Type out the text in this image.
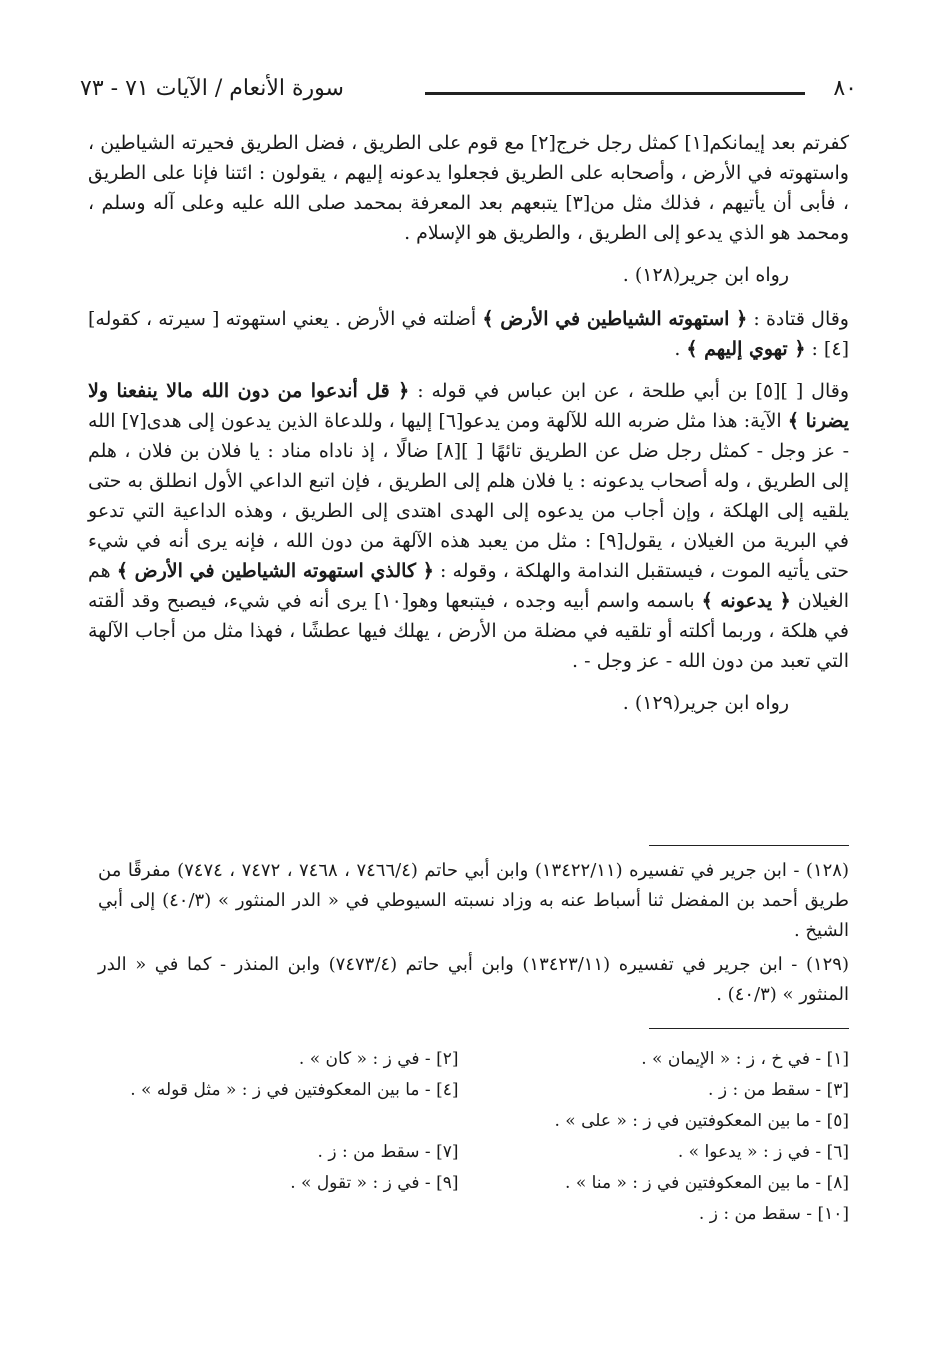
٨٠
سورة الأنعام / الآيات ٧١ - ٧٣

كفرتم بعد إيمانكم[١] كمثل رجل خرج[٢] مع قوم على الطريق ، فضل الطريق فحيرته الشياطين ، واستهوته في الأرض ، وأصحابه على الطريق فجعلوا يدعونه إليهم ، يقولون : ائتنا فإنا على الطريق ، فأبى أن يأتيهم ، فذلك مثل من[٣] يتبعهم بعد المعرفة بمحمد صلى الله عليه وعلى آله وسلم ، ومحمد هو الذي يدعو إلى الطريق ، والطريق هو الإسلام .

رواه ابن جرير(١٢٨) .

وقال قتادة : ﴿ استهوته الشياطين في الأرض ﴾ أضلته في الأرض . يعني استهوته [ سيرته ، كقوله][٤] : ﴿ تهوي إليهم ﴾ .

وقال [ ][٥] بن أبي طلحة ، عن ابن عباس في قوله : ﴿ قل أندعوا من دون الله مالا ينفعنا ولا يضرنا ﴾ الآية: هذا مثل ضربه الله للآلهة ومن يدعو[٦] إليها ، وللدعاة الذين يدعون إلى هدى[٧] الله - عز وجل - كمثل رجل ضل عن الطريق تائهًا [ ][٨] ضالًا ، إذ ناداه مناد : يا فلان بن فلان ، هلم إلى الطريق ، وله أصحاب يدعونه : يا فلان هلم إلى الطريق ، فإن اتبع الداعي الأول انطلق به حتى يلقيه إلى الهلكة ، وإن أجاب من يدعوه إلى الهدى اهتدى إلى الطريق ، وهذه الداعية التي تدعو في البرية من الغيلان ، يقول[٩] : مثل من يعبد هذه الآلهة من دون الله ، فإنه يرى أنه في شيء حتى يأتيه الموت ، فيستقبل الندامة والهلكة ، وقوله : ﴿ كالذي استهوته الشياطين في الأرض ﴾ هم الغيلان ﴿ يدعونه ﴾ باسمه واسم أبيه وجده ، فيتبعها وهو[١٠] يرى أنه في شيء، فيصبح وقد ألقته في هلكة ، وربما أكلته أو تلقيه في مضلة من الأرض ، يهلك فيها عطشًا ، فهذا مثل من أجاب الآلهة التي تعبد من دون الله - عز وجل - .

رواه ابن جرير(١٢٩) .

(١٢٨) - ابن جرير في تفسيره (١٣٤٢٢/١١) وابن أبي حاتم (٧٤٦٦/٤ ، ٧٤٦٨ ، ٧٤٧٢ ، ٧٤٧٤) مفرقًا من طريق أحمد بن المفضل ثنا أسباط عنه به وزاد نسبته السيوطي في « الدر المنثور » (٤٠/٣) إلى أبي الشيخ .

(١٢٩) - ابن جرير في تفسيره (١٣٤٢٣/١١) وابن أبي حاتم (٧٤٧٣/٤) وابن المنذر - كما في « الدر المنثور » (٤٠/٣) .

[١] - في خ ، ز : « الإيمان » .
[٢] - في ز : « كان » .
[٣] - سقط من : ز .
[٤] - ما بين المعكوفتين في ز : « مثل قوله » .
[٥] - ما بين المعكوفتين في ز : « على » .
[٦] - في ز : « يدعوا » .
[٧] - سقط من : ز .
[٨] - ما بين المعكوفتين في ز : « منا » .
[٩] - في ز : « تقول » .
[١٠] - سقط من : ز .
